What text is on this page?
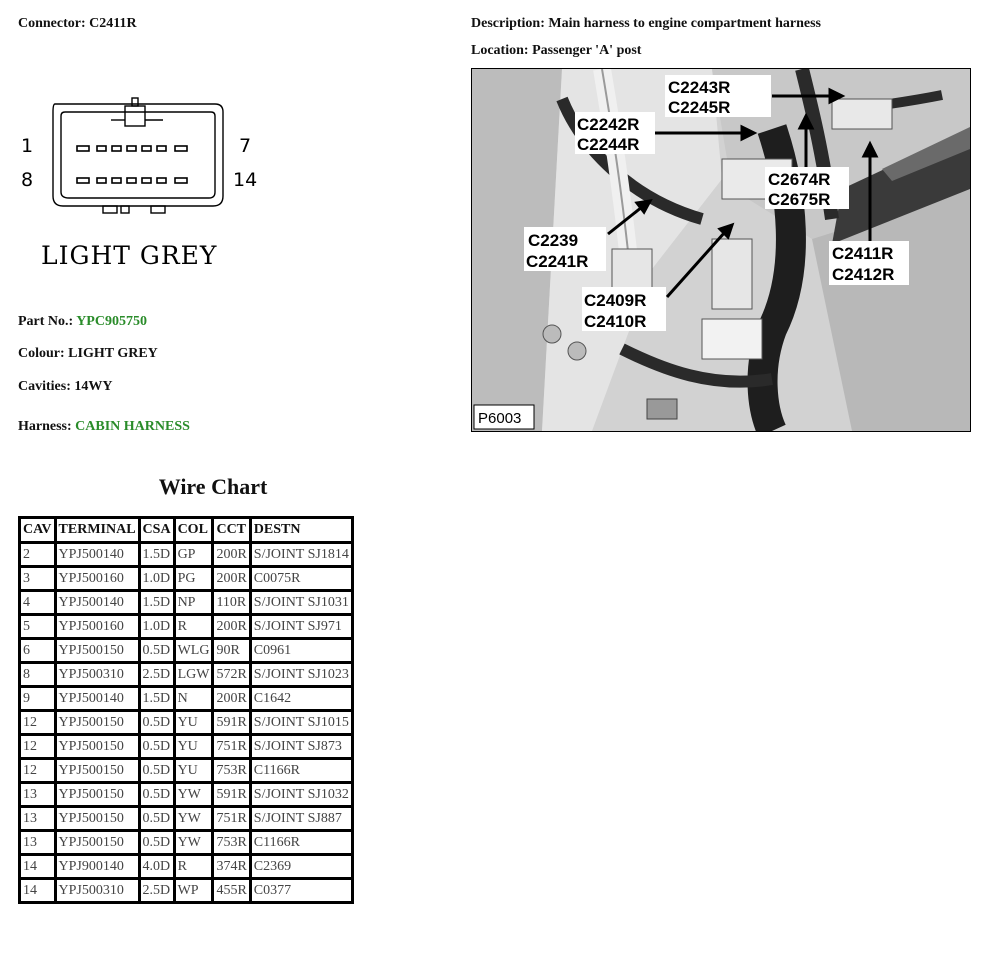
Connector: C2411R	Description: Main harness to engine compartment harness
Location: Passenger 'A' post
1	7
8	14
LIGHT GREY
Part No.: YPC905750
Colour: LIGHT GREY
Cavities: 14WY
Harness: CABIN HARNESS
Wire Chart
CAV	TERMINAL	CSA	COL	CCT	DESTN
2	YPJ500140	1.5D	GP	200R	S/JOINT SJ1814
3	YPJ500160	1.0D	PG	200R	C0075R
4	YPJ500140	1.5D	NP	110R	S/JOINT SJ1031
5	YPJ500160	1.0D	R	200R	S/JOINT SJ971
6	YPJ500150	0.5D	WLG	90R	C0961
8	YPJ500310	2.5D	LGW	572R	S/JOINT SJ1023
9	YPJ500140	1.5D	N	200R	C1642
12	YPJ500150	0.5D	YU	591R	S/JOINT SJ1015
12	YPJ500150	0.5D	YU	751R	S/JOINT SJ873
12	YPJ500150	0.5D	YU	753R	C1166R
13	YPJ500150	0.5D	YW	591R	S/JOINT SJ1032
13	YPJ500150	0.5D	YW	751R	S/JOINT SJ887
13	YPJ500150	0.5D	YW	753R	C1166R
14	YPJ900140	4.0D	R	374R	C2369
14	YPJ500310	2.5D	WP	455R	C0377
C2243R
C2245R
C2242R
C2244R
C2674R
C2675R
C2239
C2241R	C2411R
C2412R
C2409R
C2410R
P6003
